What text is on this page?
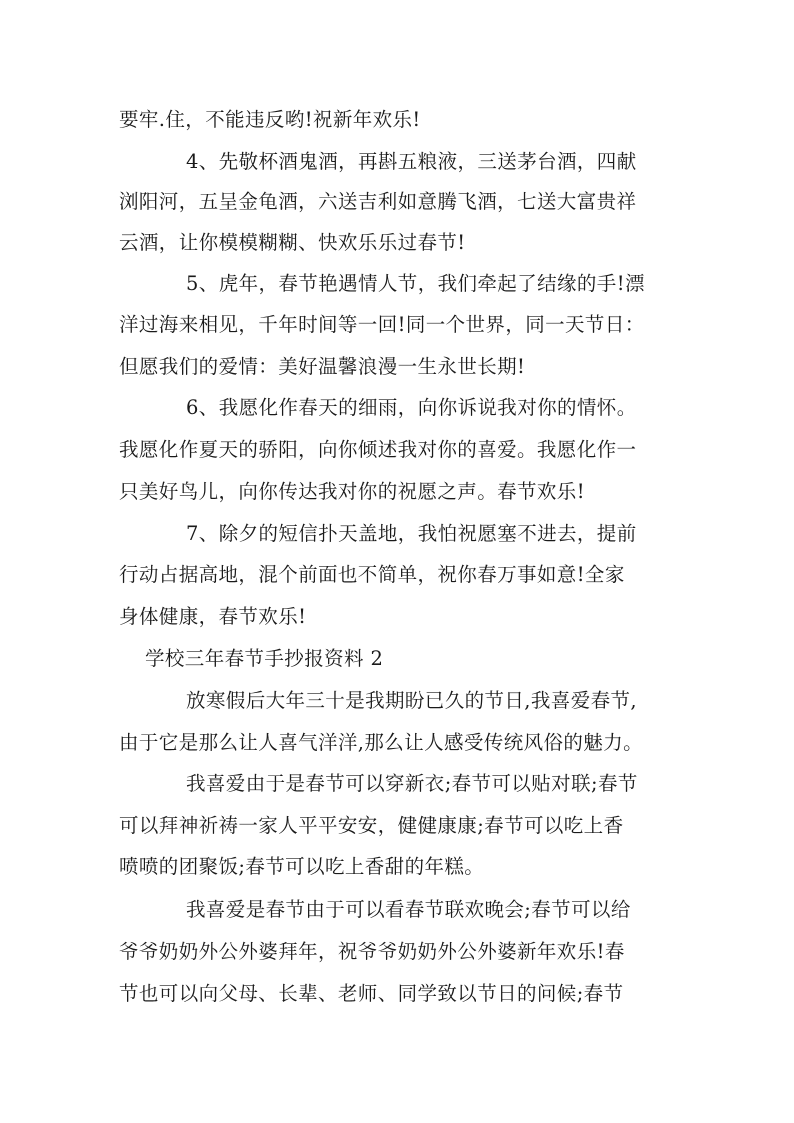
要牢.住，不能违反哟!祝新年欢乐!
4、先敬杯酒鬼酒，再斟五粮液，三送茅台酒，四献
浏阳河，五呈金龟酒，六送吉利如意腾飞酒，七送大富贵祥
云酒，让你模模糊糊、快欢乐乐过春节!
5、虎年，春节艳遇情人节，我们牵起了结缘的手!漂
洋过海来相见，千年时间等一回!同一个世界，同一天节日：
但愿我们的爱情：美好温馨浪漫一生永世长期!
6、我愿化作春天的细雨，向你诉说我对你的情怀。
我愿化作夏天的骄阳，向你倾述我对你的喜爱。我愿化作一
只美好鸟儿，向你传达我对你的祝愿之声。春节欢乐!
7、除夕的短信扑天盖地，我怕祝愿塞不进去，提前
行动占据高地，混个前面也不简单，祝你春万事如意!全家
身体健康，春节欢乐!
学校三年春节手抄报资料 2
放寒假后大年三十是我期盼已久的节日,我喜爱春节,
由于它是那么让人喜气洋洋,那么让人感受传统风俗的魅力。
我喜爱由于是春节可以穿新衣;春节可以贴对联;春节
可以拜神祈祷一家人平平安安，健健康康;春节可以吃上香
喷喷的团聚饭;春节可以吃上香甜的年糕。
我喜爱是春节由于可以看春节联欢晚会;春节可以给
爷爷奶奶外公外婆拜年，祝爷爷奶奶外公外婆新年欢乐!春
节也可以向父母、长辈、老师、同学致以节日的问候;春节
